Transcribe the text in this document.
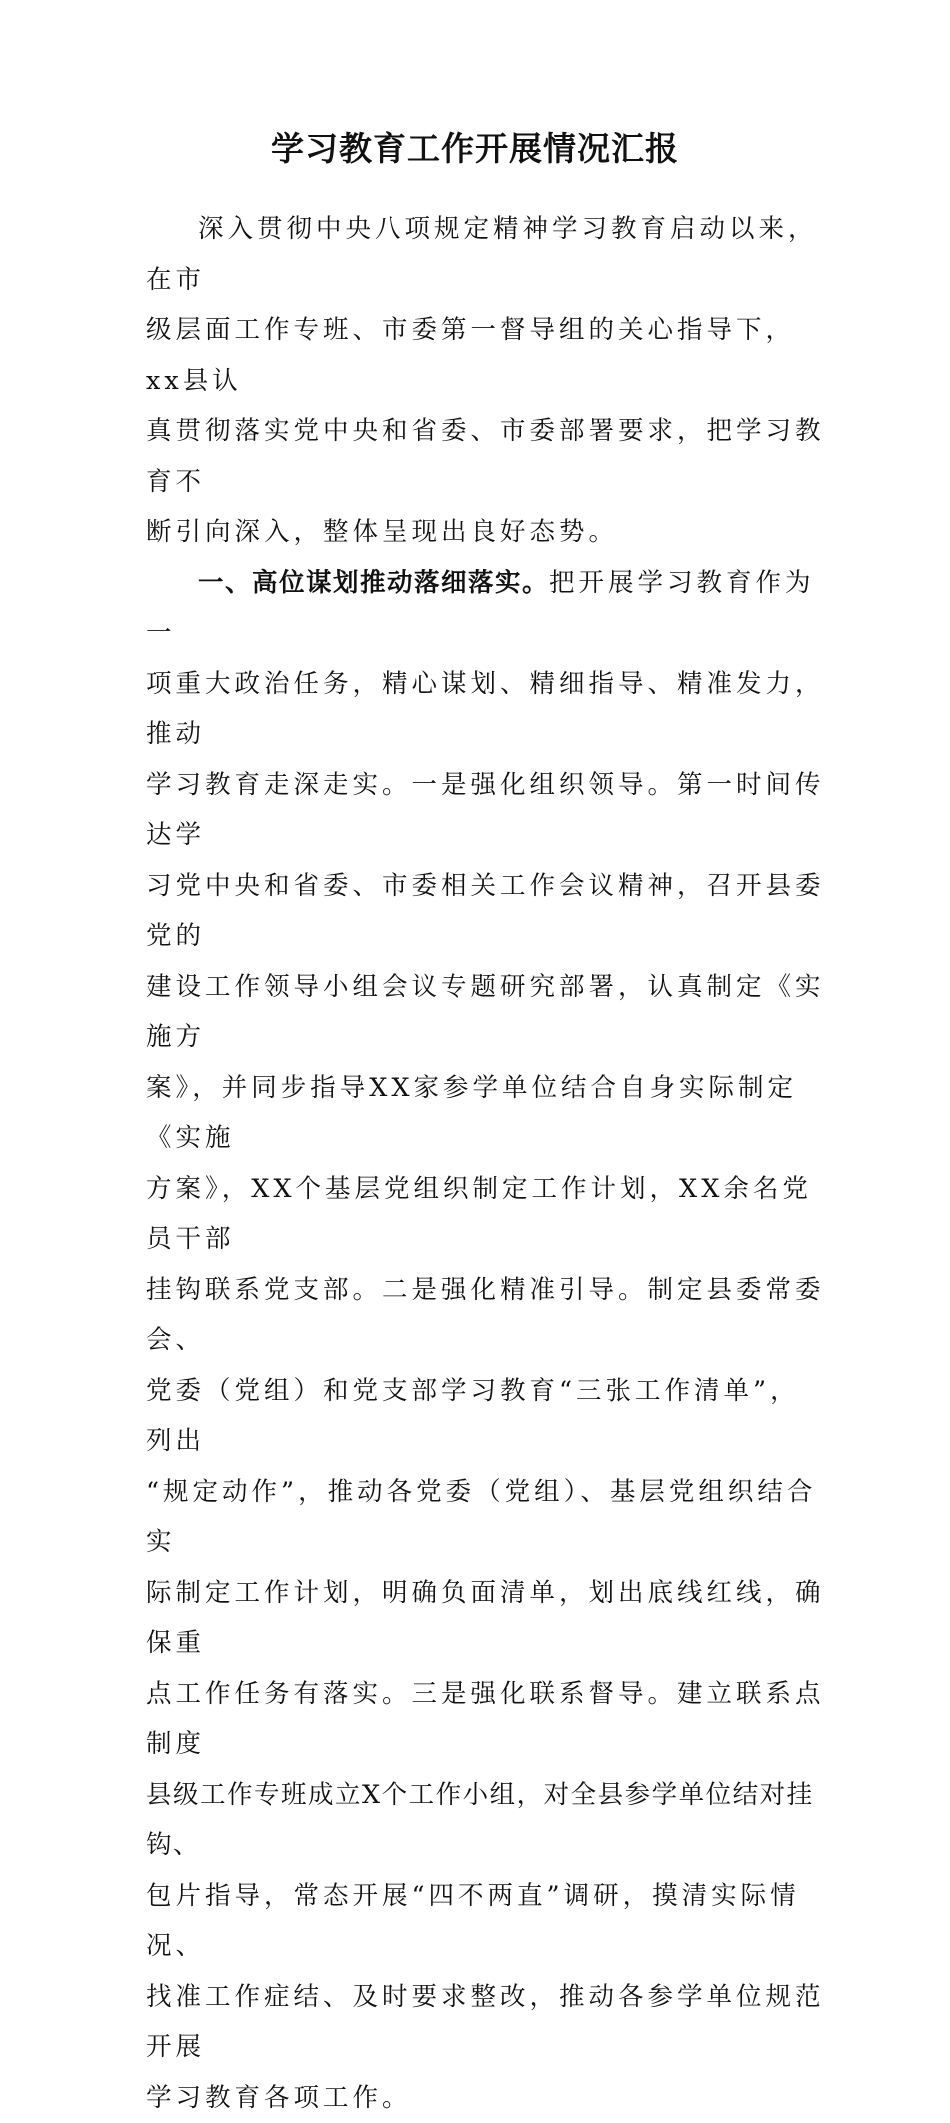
学习教育工作开展情况汇报

深入贯彻中央八项规定精神学习教育启动以来，在市
级层面工作专班、市委第一督导组的关心指导下，xx县认
真贯彻落实党中央和省委、市委部署要求，把学习教育不
断引向深入，整体呈现出良好态势。

一、高位谋划推动落细落实。把开展学习教育作为一
项重大政治任务，精心谋划、精细指导、精准发力，推动
学习教育走深走实。一是强化组织领导。第一时间传达学
习党中央和省委、市委相关工作会议精神，召开县委党的
建设工作领导小组会议专题研究部署，认真制定《实施方
案》，并同步指导XX家参学单位结合自身实际制定《实施
方案》，XX个基层党组织制定工作计划，XX余名党员干部
挂钩联系党支部。二是强化精准引导。制定县委常委会、
党委（党组）和党支部学习教育“三张工作清单”，列出
“规定动作”，推动各党委（党组）、基层党组织结合实
际制定工作计划，明确负面清单，划出底线红线，确保重
点工作任务有落实。三是强化联系督导。建立联系点制度
县级工作专班成立X个工作小组，对全县参学单位结对挂钩、
包片指导，常态开展“四不两直”调研，摸清实际情况、
找准工作症结、及时要求整改，推动各参学单位规范开展
学习教育各项工作。
